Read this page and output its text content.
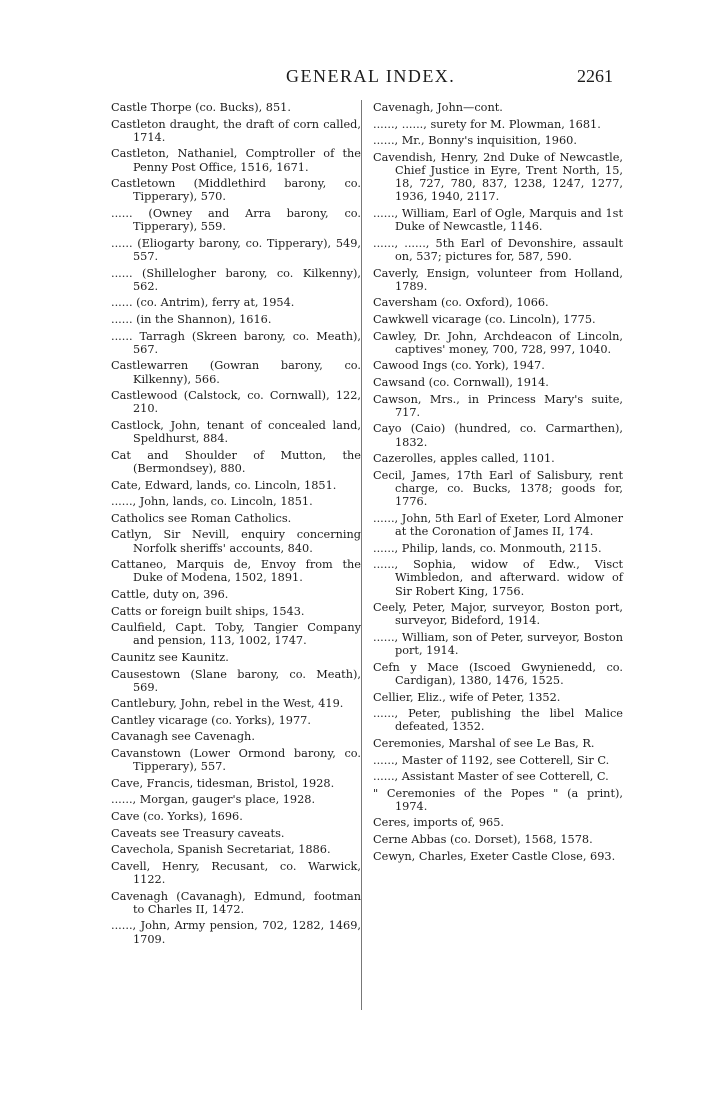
GENERAL INDEX.	2261

Castle Thorpe (co. Bucks), 851.

Castleton draught, the draft of corn called, 1714.

Castleton, Nathaniel, Comptroller of the Penny Post Office, 1516, 1671.

Castletown (Middlethird barony, co. Tipperary), 570.

...... (Owney and Arra barony, co. Tipperary), 559.

...... (Eliogarty barony, co. Tipperary), 549, 557.

...... (Shillelogher barony, co. Kilkenny), 562.

...... (co. Antrim), ferry at, 1954.

...... (in the Shannon), 1616.

...... Tarragh (Skreen barony, co. Meath), 567.

Castlewarren (Gowran barony, co. Kilkenny), 566.

Castlewood (Calstock, co. Cornwall), 122, 210.

Castlock, John, tenant of concealed land, Speldhurst, 884.

Cat and Shoulder of Mutton, the (Bermondsey), 880.

Cate, Edward, lands, co. Lincoln, 1851.

......, John, lands, co. Lincoln, 1851.

Catholics see Roman Catholics.

Catlyn, Sir Nevill, enquiry concerning Norfolk sheriffs' accounts, 840.

Cattaneo, Marquis de, Envoy from the Duke of Modena, 1502, 1891.

Cattle, duty on, 396.

Catts or foreign built ships, 1543.

Caulfield, Capt. Toby, Tangier Company and pension, 113, 1002, 1747.

Caunitz see Kaunitz.

Causestown (Slane barony, co. Meath), 569.

Cantlebury, John, rebel in the West, 419.

Cantley vicarage (co. Yorks), 1977.

Cavanagh see Cavenagh.

Cavanstown (Lower Ormond barony, co. Tipperary), 557.

Cave, Francis, tidesman, Bristol, 1928.

......, Morgan, gauger's place, 1928.

Cave (co. Yorks), 1696.

Caveats see Treasury caveats.

Cavechola, Spanish Secretariat, 1886.

Cavell, Henry, Recusant, co. Warwick, 1122.

Cavenagh (Cavanagh), Edmund, footman to Charles II, 1472.

......, John, Army pension, 702, 1282, 1469, 1709.

Cavenagh, John—cont.

......, ......, surety for M. Plowman, 1681.

......, Mr., Bonny's inquisition, 1960.

Cavendish, Henry, 2nd Duke of Newcastle, Chief Justice in Eyre, Trent North, 15, 18, 727, 780, 837, 1238, 1247, 1277, 1936, 1940, 2117.

......, William, Earl of Ogle, Marquis and 1st Duke of Newcastle, 1146.

......, ......, 5th Earl of Devonshire, assault on, 537; pictures for, 587, 590.

Caverly, Ensign, volunteer from Holland, 1789.

Caversham (co. Oxford), 1066.

Cawkwell vicarage (co. Lincoln), 1775.

Cawley, Dr. John, Archdeacon of Lincoln, captives' money, 700, 728, 997, 1040.

Cawood Ings (co. York), 1947.

Cawsand (co. Cornwall), 1914.

Cawson, Mrs., in Princess Mary's suite, 717.

Cayo (Caio) (hundred, co. Carmarthen), 1832.

Cazerolles, apples called, 1101.

Cecil, James, 17th Earl of Salisbury, rent charge, co. Bucks, 1378; goods for, 1776.

......, John, 5th Earl of Exeter, Lord Almoner at the Coronation of James II, 174.

......, Philip, lands, co. Monmouth, 2115.

......, Sophia, widow of Edw., Visct Wimbledon, and afterward. widow of Sir Robert King, 1756.

Ceely, Peter, Major, surveyor, Boston port, surveyor, Bideford, 1914.

......, William, son of Peter, surveyor, Boston port, 1914.

Cefn y Mace (Iscoed Gwynienedd, co. Cardigan), 1380, 1476, 1525.

Cellier, Eliz., wife of Peter, 1352.

......, Peter, publishing the libel Malice defeated, 1352.

Ceremonies, Marshal of see Le Bas, R.

......, Master of 1192, see Cotterell, Sir C.

......, Assistant Master of see Cotterell, C.

" Ceremonies of the Popes " (a print), 1974.

Ceres, imports of, 965.

Cerne Abbas (co. Dorset), 1568, 1578.

Cewyn, Charles, Exeter Castle Close, 693.
